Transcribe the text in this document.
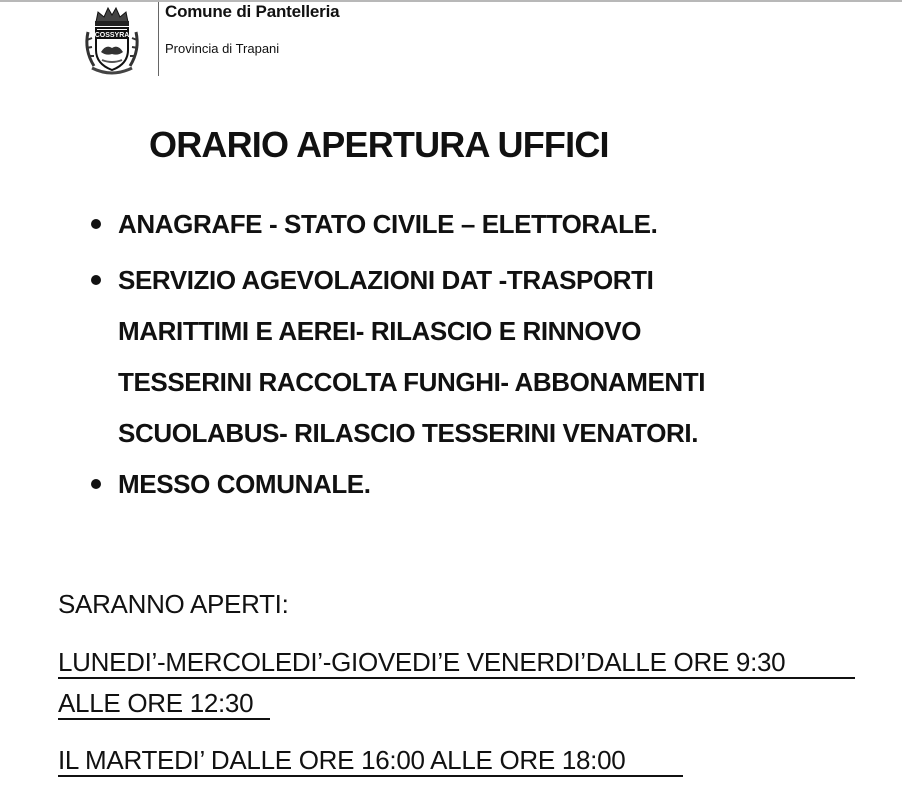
COSSYRA
Comune di Pantelleria
Provincia di Trapani
ORARIO APERTURA UFFICI
ANAGRAFE - STATO CIVILE – ELETTORALE.
SERVIZIO AGEVOLAZIONI DAT -TRASPORTI
MARITTIMI E AEREI- RILASCIO E RINNOVO
TESSERINI RACCOLTA FUNGHI- ABBONAMENTI
SCUOLABUS- RILASCIO TESSERINI VENATORI.
MESSO COMUNALE.
SARANNO APERTI:
LUNEDI’-MERCOLEDI’-GIOVEDI’E VENERDI’DALLE ORE 9:30
ALLE ORE 12:30
IL MARTEDI’ DALLE ORE 16:00 ALLE ORE 18:00
